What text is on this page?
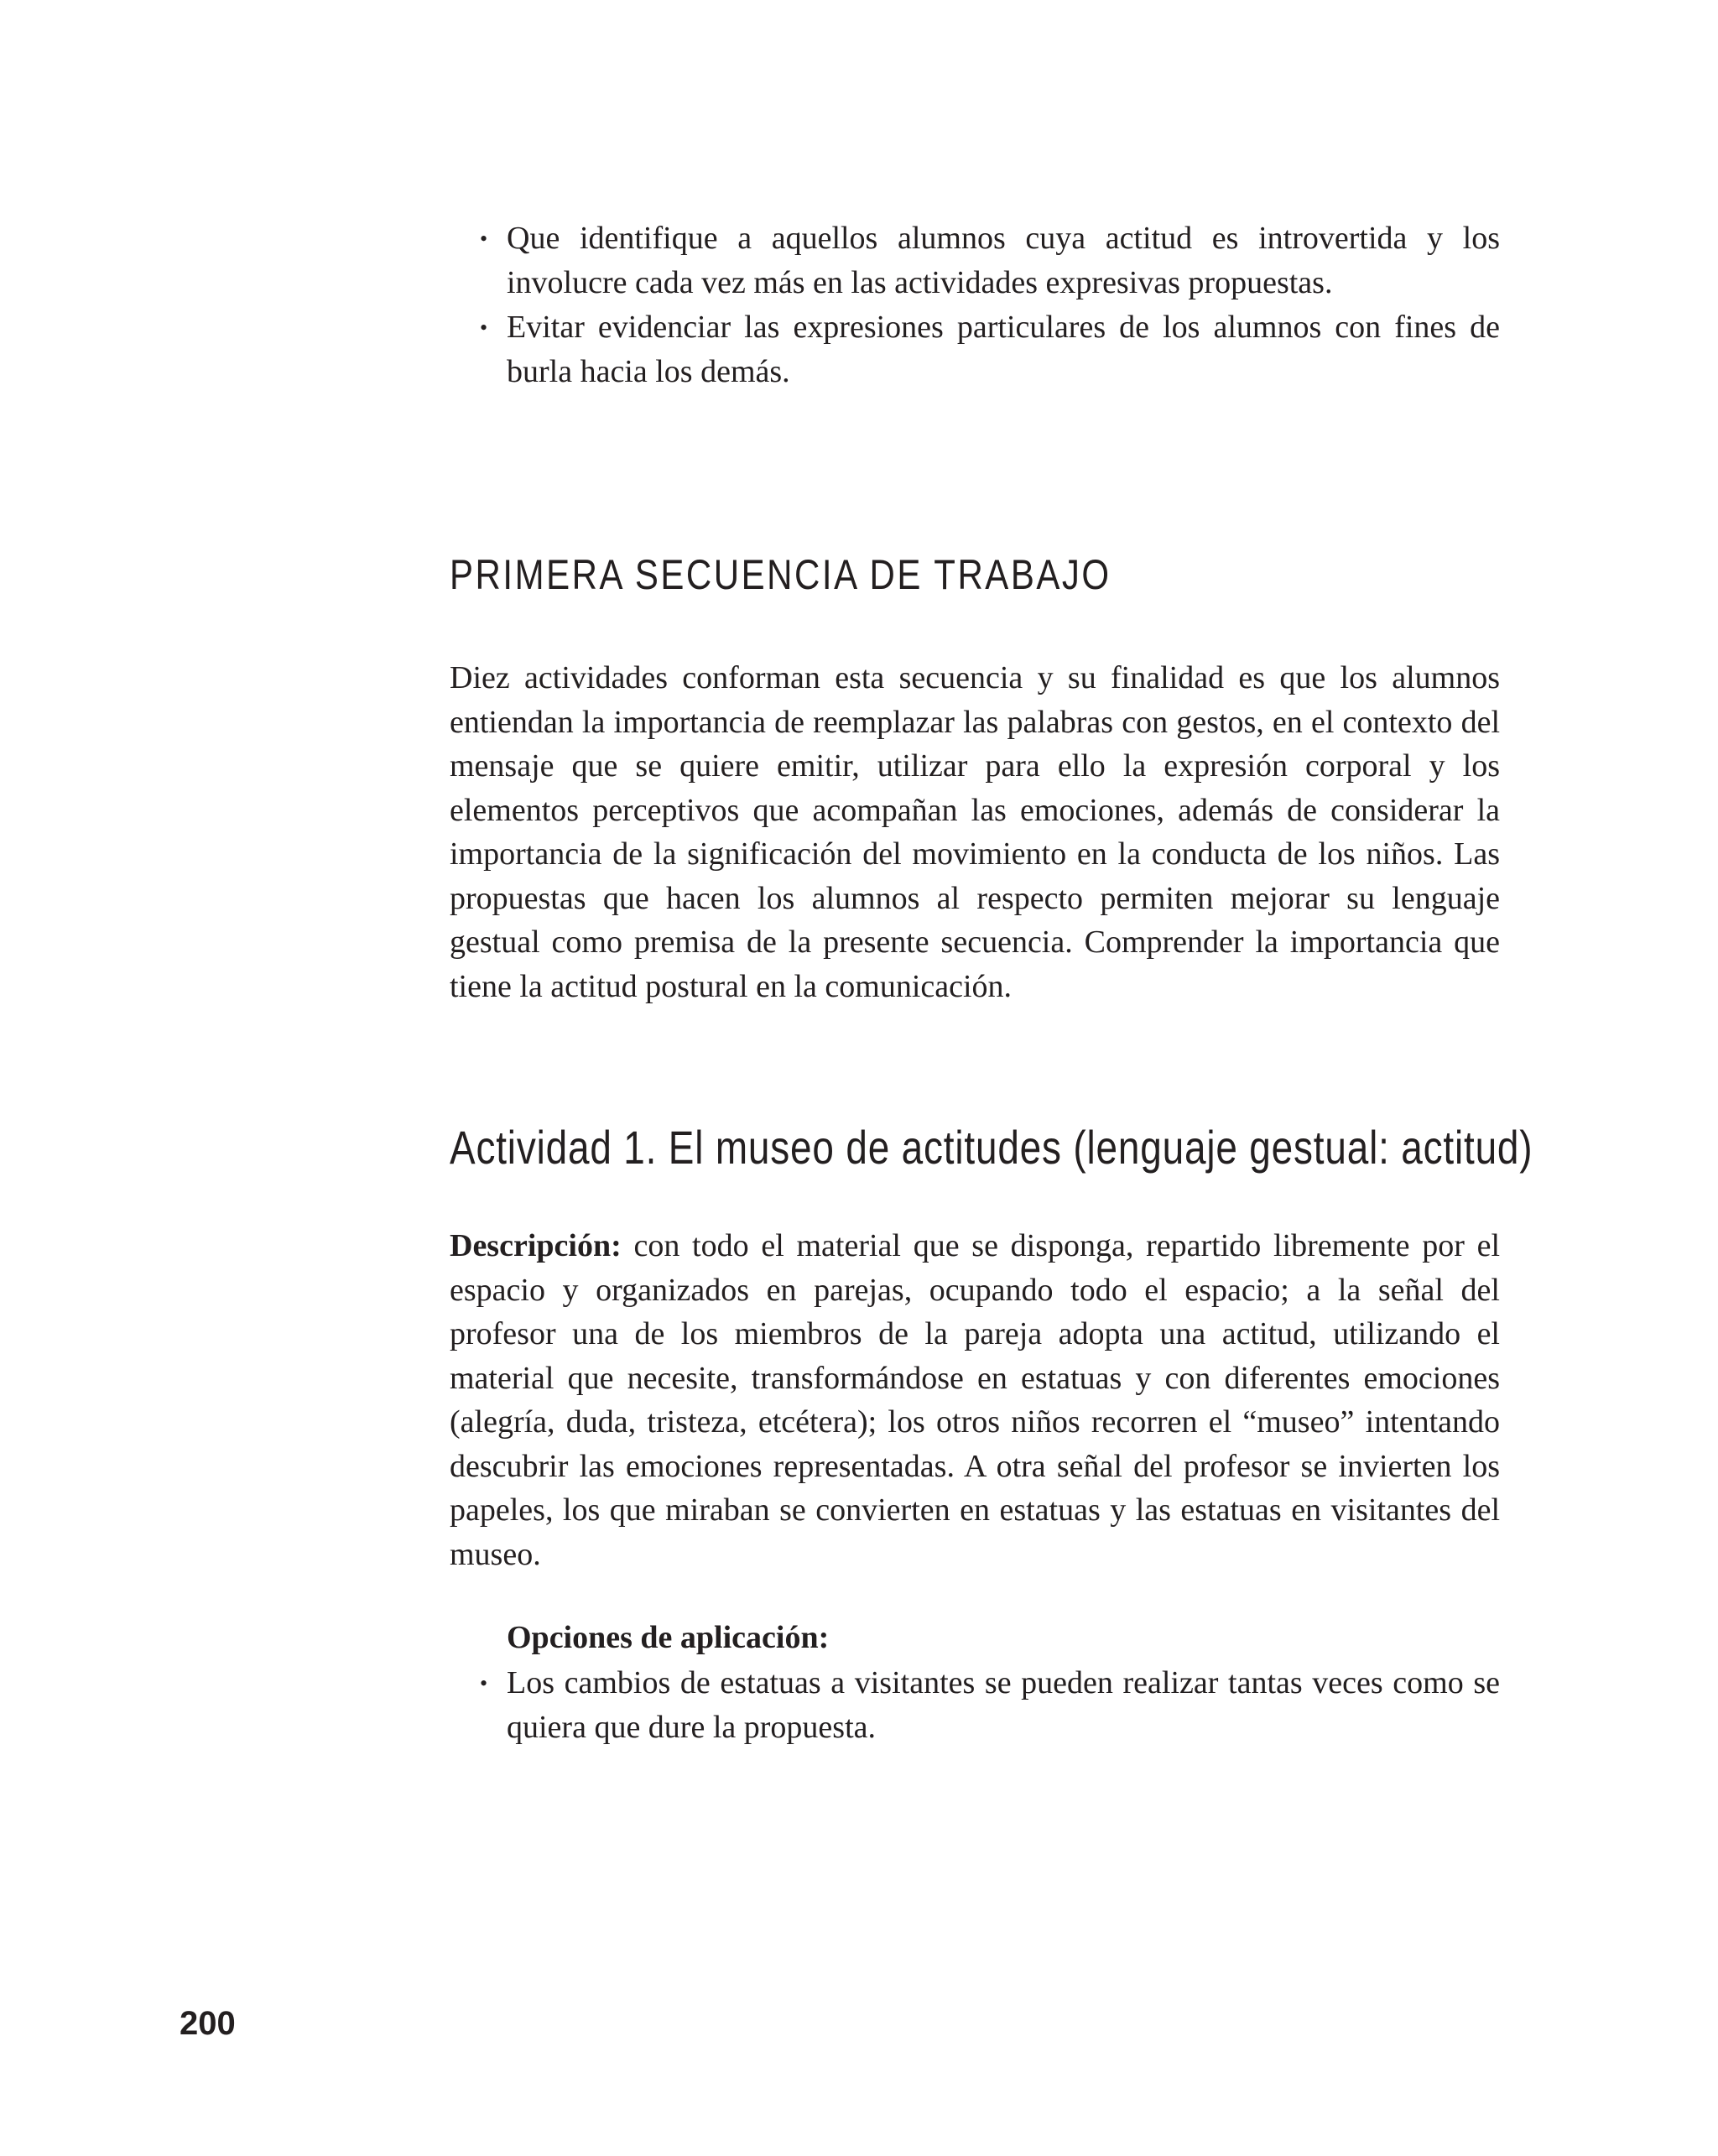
• Que identifique a aquellos alumnos cuya actitud es introvertida y los involucre cada vez más en las actividades expresivas propuestas.
• Evitar evidenciar las expresiones particulares de los alumnos con fines de burla hacia los demás.
PRIMERA SECUENCIA DE TRABAJO

Diez actividades conforman esta secuencia y su finalidad es que los alumnos entiendan la importancia de reemplazar las palabras con gestos, en el contexto del mensaje que se quiere emitir, utilizar para ello la expresión corporal y los elementos perceptivos que acompañan las emociones, además de considerar la importancia de la significación del movimiento en la conducta de los niños. Las propuestas que hacen los alumnos al respecto permiten mejorar su lenguaje gestual como premisa de la presente secuencia. Comprender la importancia que tiene la actitud postural en la comunicación.

Actividad 1. El museo de actitudes (lenguaje gestual: actitud)

Descripción: con todo el material que se disponga, repartido libremente por el espacio y organizados en parejas, ocupando todo el espacio; a la señal del profesor una de los miembros de la pareja adopta una actitud, utilizando el material que necesite, transformándose en estatuas y con diferentes emociones (alegría, duda, tristeza, etcétera); los otros niños recorren el “museo” intentando descubrir las emociones representadas. A otra señal del profesor se invierten los papeles, los que miraban se convierten en estatuas y las estatuas en visitantes del museo.

Opciones de aplicación:

• Los cambios de estatuas a visitantes se pueden realizar tantas veces como se quiera que dure la propuesta.
200
